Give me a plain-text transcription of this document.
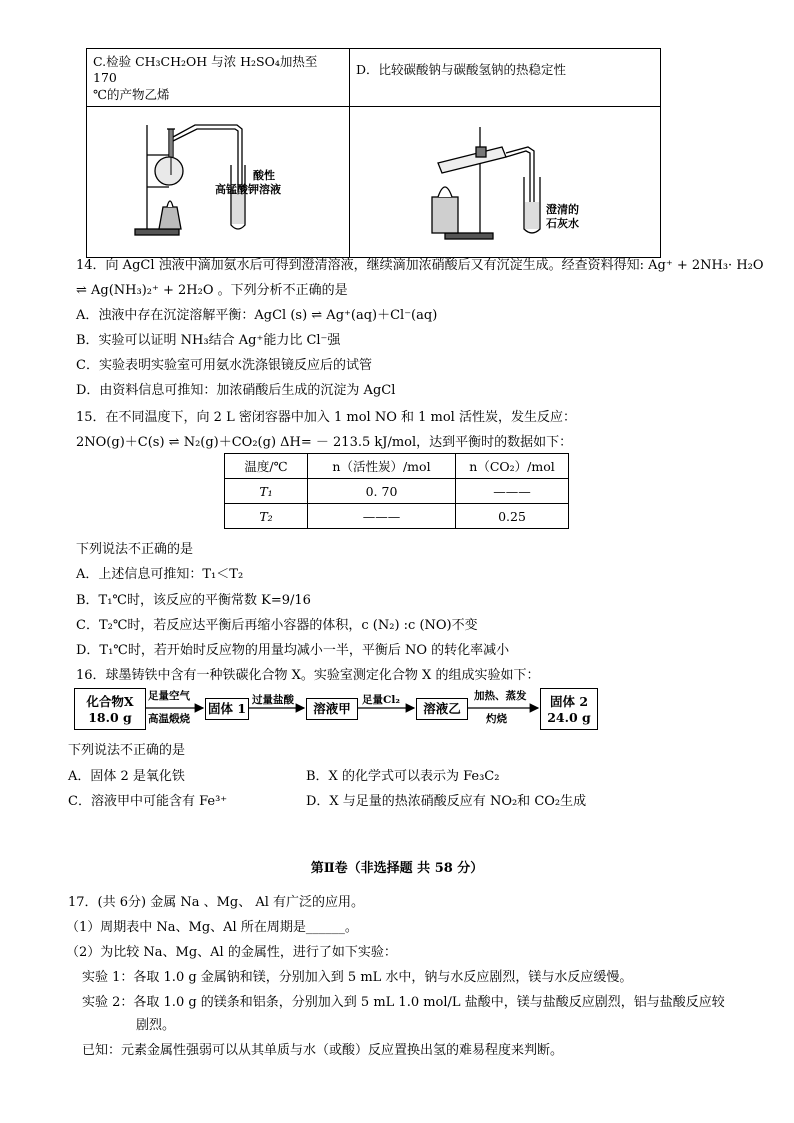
C.检验 CH₃CH₂OH 与浓 H₂SO₄加热至 170
℃的产物乙烯	D．比较碳酸钠与碳酸氢钠的热稳定性

酸性
高锰酸钾溶液	澄清的
石灰水
14．向 AgCl 浊液中滴加氨水后可得到澄清溶液，继续滴加浓硝酸后又有沉淀生成。经查资料得知: Ag⁺ + 2NH₃· H₂O
⇌ Ag(NH₃)₂⁺ + 2H₂O 。下列分析不正确的是
A．浊液中存在沉淀溶解平衡：AgCl (s) ⇌ Ag⁺(aq)＋Cl⁻(aq)
B．实验可以证明 NH₃结合 Ag⁺能力比 Cl⁻强
C．实验表明实验室可用氨水洗涤银镜反应后的试管
D．由资料信息可推知：加浓硝酸后生成的沉淀为 AgCl
15．在不同温度下，向 2 L 密闭容器中加入 1 mol NO 和 1 mol 活性炭，发生反应：
2NO(g)＋C(s) ⇌ N₂(g)＋CO₂(g) ΔH= － 213.5 kJ/mol，达到平衡时的数据如下：
温度/℃	n（活性炭）/mol	n（CO₂）/mol
T₁	0. 70	———
T₂	———	0.25
下列说法不正确的是
A．上述信息可推知：T₁＜T₂
B．T₁℃时，该反应的平衡常数 K=9/16
C．T₂℃时，若反应达平衡后再缩小容器的体积，c (N₂) :c (NO)不变
D．T₁℃时，若开始时反应物的用量均减小一半，平衡后 NO 的转化率减小
16．球墨铸铁中含有一种铁碳化合物 X。实验室测定化合物 X 的组成实验如下：
化合物X
18.0 g
足量空气
高温煅烧
固体 1
过量盐酸
溶液甲
足量Cl₂
溶液乙
加热、蒸发
灼烧
固体 2
24.0 g
下列说法不正确的是
A．固体 2 是氧化铁	B．X 的化学式可以表示为 Fe₃C₂
C．溶液甲中可能含有 Fe³⁺	D．X 与足量的热浓硝酸反应有 NO₂和 CO₂生成
第Ⅱ卷（非选择题 共 58 分）
17．(共 6分) 金属 Na 、Mg、 Al 有广泛的应用。
（1）周期表中 Na、Mg、Al 所在周期是______。
（2）为比较 Na、Mg、Al 的金属性，进行了如下实验：
实验 1：各取 1.0 g 金属钠和镁，分别加入到 5 mL 水中，钠与水反应剧烈，镁与水反应缓慢。
实验 2：各取 1.0 g 的镁条和铝条，分别加入到 5 mL 1.0 mol/L 盐酸中，镁与盐酸反应剧烈，铝与盐酸反应较
剧烈。
已知：元素金属性强弱可以从其单质与水（或酸）反应置换出氢的难易程度来判断。
